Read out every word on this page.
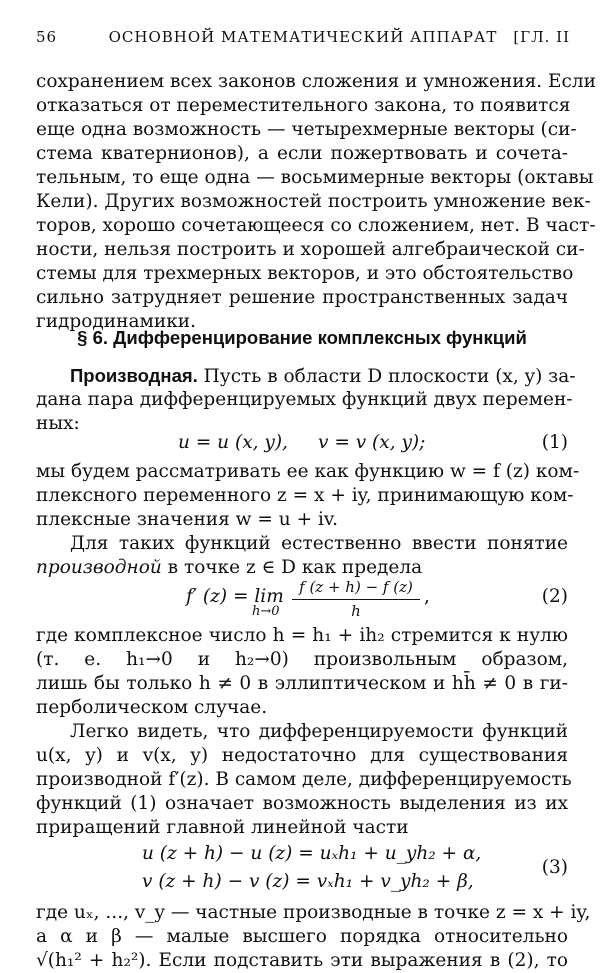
56	ОСНОВНОЙ МАТЕМАТИЧЕСКИЙ АППАРАТ	[ГЛ. II
сохранением всех законов сложения и умножения. Если
отказаться от переместительного закона, то появится
еще одна возможность — четырехмерные векторы (си-
стема кватернионов), а если пожертвовать и сочета-
тельным, то еще одна — восьмимерные векторы (октавы
Кели). Других возможностей построить умножение век-
торов, хорошо сочетающееся со сложением, нет. В част-
ности, нельзя построить и хорошей алгебраической си-
стемы для трехмерных векторов, и это обстоятельство
сильно затрудняет решение пространственных задач
гидродинамики.
§ 6. Дифференцирование комплексных функций
Производная. Пусть в области D плоскости (x, y) за-
дана пара дифференцируемых функций двух перемен-
ных:
u = u (x, y), v = v (x, y);	(1)
мы будем рассматривать ее как функцию w = f (z) ком-
плексного переменного z = x + iy, принимающую ком-
плексные значения w = u + iv.
Для таких функций естественно ввести понятие
производной в точке z ∈ D как предела
f′ (z) = lim
h→0
f (z + h) − f (z)
h
,	(2)
где комплексное число h = h₁ + ih₂ стремится к нулю
(т. е. h₁→0 и h₂→0) произвольным образом,
лишь бы только h ≠ 0 в эллиптическом и hh̄ ≠ 0 в ги-
перболическом случае.
Легко видеть, что дифференцируемости функций
u(x, y) и v(x, y) недостаточно для существования
производной f′(z). В самом деле, дифференцируемость
функций (1) означает возможность выделения из их
приращений главной линейной части
u (z + h) − u (z) = uₓh₁ + u_yh₂ + α,
v (z + h) − v (z) = vₓh₁ + v_yh₂ + β,
(3)
где uₓ, ..., v_y — частные производные в точке z = x + iy,
а α и β — малые высшего порядка относительно
√(h₁² + h₂²). Если подставить эти выражения в (2), то
